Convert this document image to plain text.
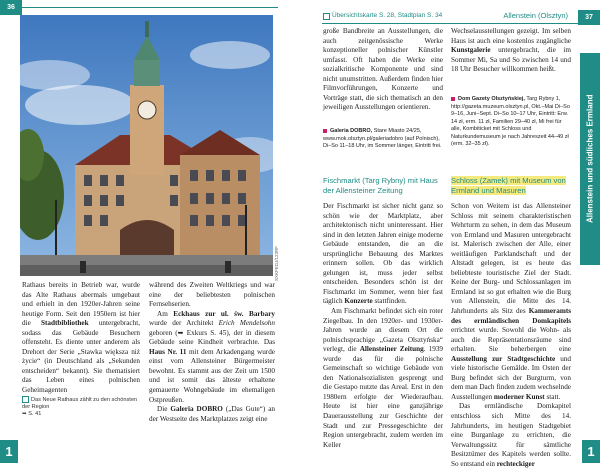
36
SXKFEDJ/123RF

Rathaus bereits in Betrieb war, wurde das Alte Rathaus abermals umgebaut und erhielt in den 1920er-Jahren seine heutige Form. Seit den 1950ern ist hier die Stadtbibliothek untergebracht, sodass das Gebäude Besuchern offensteht. Es diente unter anderem als Drehort der Serie „Stawka większa niż życie“ (in Deutschland als „Sekunden entscheiden“ bekannt). Sie thematisiert das Leben eines polnischen Geheimagenten

Das Neue Rathaus zählt zu den schönsten der Region
➥ S. 41

während des Zweiten Weltkriegs und war eine der beliebtesten polnischen Fernsehserien.

Am Eckhaus zur ul. św. Barbary wurde der Architekt Erich Mendelsohn geboren (➥ Exkurs S. 45), der in diesem Gebäude seine Kindheit verbrachte. Das Haus Nr. 11 mit dem Arkadengang wurde einst vom Allensteiner Bürgermeister bewohnt. Es stammt aus der Zeit um 1500 und ist somit das älteste erhaltene gemauerte Wohngebäude im ehemaligen Ostpreußen.

Die Galeria DOBRO („Das Gute“) an der Westseite des Marktplatzes zeigt eine

1
Übersichtskarte S. 28, Stadtplan S. 34	Allenstein (Olsztyn)	37
Allenstein und südliches Ermland

große Bandbreite an Ausstellungen, die auch zeitgenössische Werke konzeptioneller polnischer Künstler umfasst. Oft haben die Werke eine sozialkritische Komponente und sind nicht unumstritten. Außerdem finden hier Filmvorführungen, Konzerte und Vorträge statt, die sich thematisch an den jeweiligen Ausstellungen orientieren.

Galeria DOBRO, Stare Miasto 24/25, www.mok.olsztyn.pl/galeriadobro (auf Polnisch), Di–So 11–18 Uhr, im Sommer länger, Eintritt frei.
Fischmarkt (Targ Rybny) mit Haus der Allensteiner Zeitung

Der Fischmarkt ist sicher nicht ganz so schön wie der Marktplatz, aber architektonisch nicht uninteressant. Hier sind in den letzten Jahren einige moderne Gebäude entstanden, die an die ursprüngliche Bebauung des Marktes erinnern sollen. Ob das wirklich gelungen ist, muss jeder selbst entscheiden. Besonders schön ist der Fischmarkt im Sommer, wenn hier fast täglich Konzerte stattfinden.

Am Fischmarkt befindet sich ein roter Ziegelbau. In den 1920er- und 1930er-Jahren wurde an diesem Ort die polnischsprachige „Gazeta Olsztyńska“ verlegt, die Allensteiner Zeitung. 1939 wurde das für die polnische Gemeinschaft so wichtige Gebäude von den Nationalsozialisten gesprengt und die Gestapo nutzte das Areal. Erst in den 1980ern erfolgte der Wiederaufbau. Heute ist hier eine ganzjährige Dauerausstellung zur Geschichte der Stadt und zur Pressegeschichte der Region untergebracht, zudem werden im Keller

Wechselausstellungen gezeigt. Im selben Haus ist auch eine kostenlos zugängliche Kunstgalerie untergebracht, die im Sommer Mi, Sa und So zwischen 14 und 18 Uhr Besucher willkommen heißt.

Dom Gazety Olsztyńskiej, Targ Rybny 1, http://gazeta.muzeum.olsztyn.pl, Okt.–Mai Di–So 9–16, Juni–Sept. Di–So 10–17 Uhr, Eintritt: Erw. 14 zł, erm. 11 zł, Familien 29–40 zł, Mi frei für alle, Kombiticket mit Schloss und Naturkundemuseum je nach Jahreszeit 44–49 zł (erm. 32–35 zł).
Schloss (Zamek) mit Museum von Ermland und Masuren

Schon von Weitem ist das Allensteiner Schloss mit seinem charakteristischen Wehrturm zu sehen, in dem das Museum von Ermland und Masuren untergebracht ist. Malerisch zwischen der Alle, einer weitläufigen Parklandschaft und der Altstadt gelegen, ist es heute das beliebteste touristische Ziel der Stadt. Keine der Burg- und Schlossanlagen im Ermland ist so gut erhalten wie die Burg von Allenstein, die Mitte des 14. Jahrhunderts als Sitz des Kammeramts des ermländischen Domkapitels errichtet wurde. Sowohl die Wohn- als auch die Repräsentationsräume sind erhalten. Sie beherbergen eine Ausstellung zur Stadtgeschichte und viele historische Gemälde. Im Osten der Burg befindet sich der Burgturm, von dem man Dach finden zudem wechselnde Ausstellungen moderner Kunst statt.

Das ermländische Domkapitel entschloss sich Mitte des 14. Jahrhunderts, im heutigen Stadtgebiet eine Burganlage zu errichten, die Verwaltungssitz für sämtliche Besitztümer des Kapitels werden sollte. So entstand ein rechteckiger

1
